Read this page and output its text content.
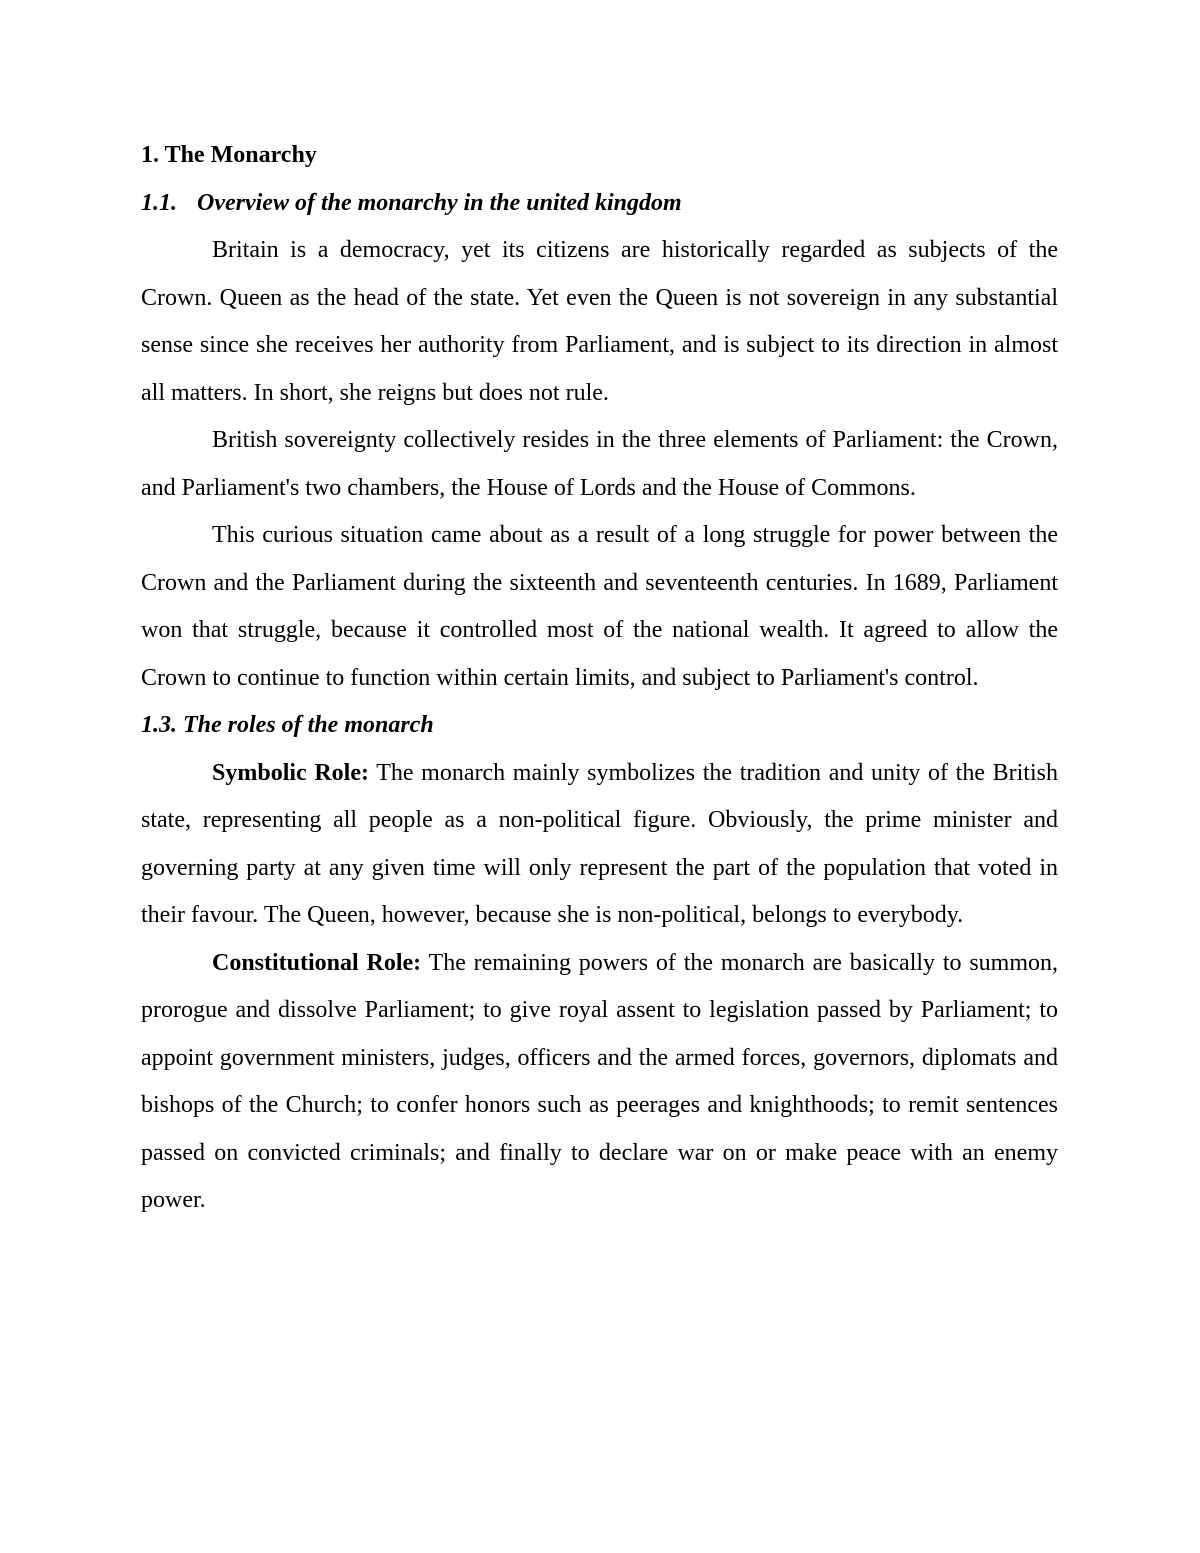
1. The Monarchy
1.1. Overview of the monarchy in the united kingdom

Britain is a democracy, yet its citizens are historically regarded as subjects of the Crown. Queen as the head of the state. Yet even the Queen is not sovereign in any substantial sense since she receives her authority from Parliament, and is subject to its direction in almost all matters. In short, she reigns but does not rule.

British sovereignty collectively resides in the three elements of Parliament: the Crown, and Parliament's two chambers, the House of Lords and the House of Commons.

This curious situation came about as a result of a long struggle for power between the Crown and the Parliament during the sixteenth and seventeenth centuries. In 1689, Parliament won that struggle, because it controlled most of the national wealth. It agreed to allow the Crown to continue to function within certain limits, and subject to Parliament's control.

1.3. The roles of the monarch

Symbolic Role: The monarch mainly symbolizes the tradition and unity of the British state, representing all people as a non-political figure. Obviously, the prime minister and governing party at any given time will only represent the part of the population that voted in their favour. The Queen, however, because she is non-political, belongs to everybody.

Constitutional Role: The remaining powers of the monarch are basically to summon, prorogue and dissolve Parliament; to give royal assent to legislation passed by Parliament; to appoint government ministers, judges, officers and the armed forces, governors, diplomats and bishops of the Church; to confer honors such as peerages and knighthoods; to remit sentences passed on convicted criminals; and finally to declare war on or make peace with an enemy power.
